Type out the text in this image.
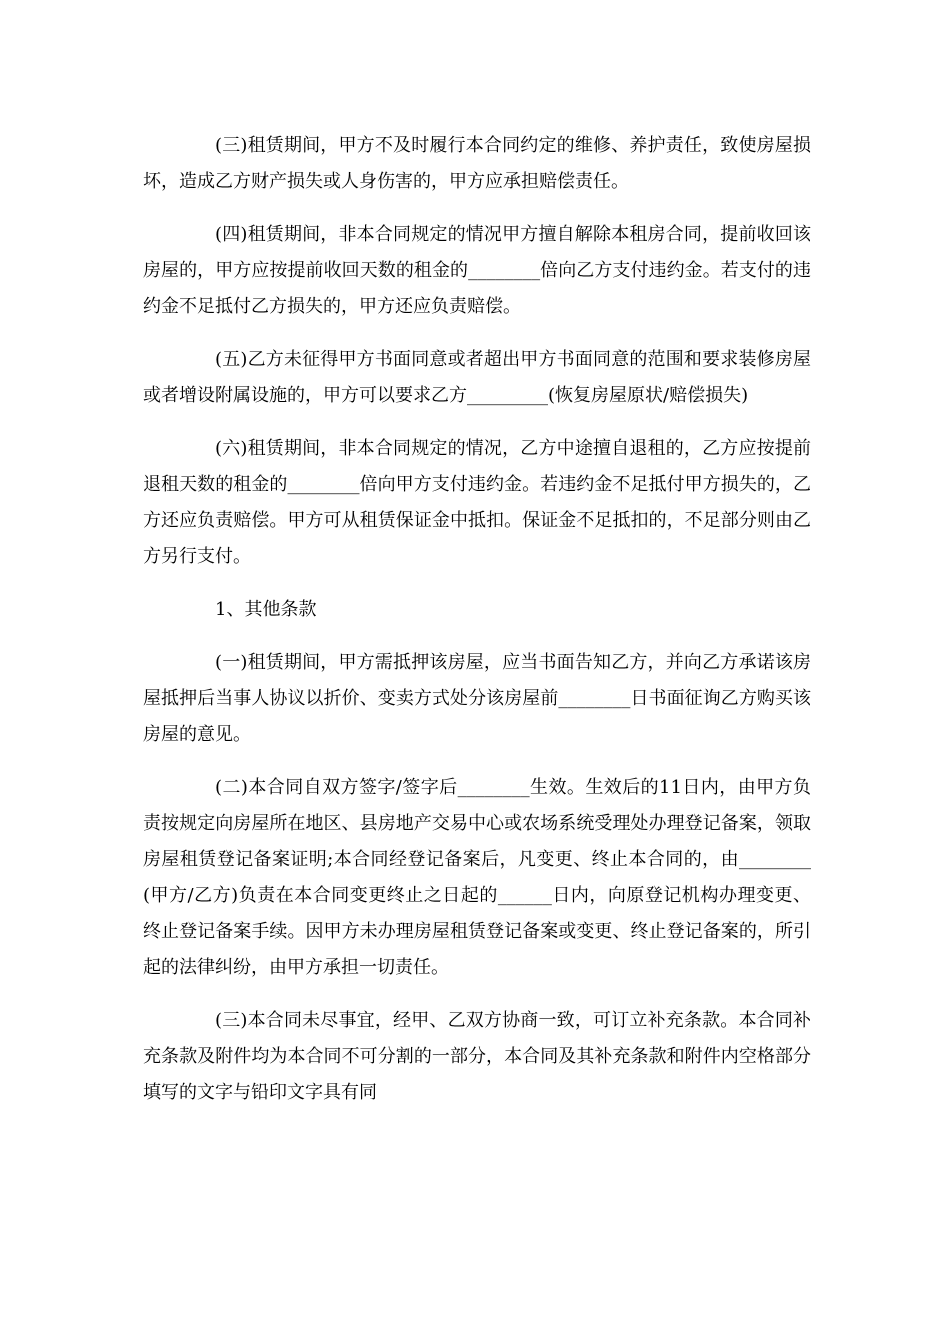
(三)租赁期间，甲方不及时履行本合同约定的维修、养护责任，致使房屋损坏，造成乙方财产损失或人身伤害的，甲方应承担赔偿责任。

(四)租赁期间，非本合同规定的情况甲方擅自解除本租房合同，提前收回该房屋的，甲方应按提前收回天数的租金的________倍向乙方支付违约金。若支付的违约金不足抵付乙方损失的，甲方还应负责赔偿。

(五)乙方未征得甲方书面同意或者超出甲方书面同意的范围和要求装修房屋或者增设附属设施的，甲方可以要求乙方_________(恢复房屋原状/赔偿损失)

(六)租赁期间，非本合同规定的情况，乙方中途擅自退租的，乙方应按提前退租天数的租金的________倍向甲方支付违约金。若违约金不足抵付甲方损失的，乙方还应负责赔偿。甲方可从租赁保证金中抵扣。保证金不足抵扣的，不足部分则由乙方另行支付。

1、其他条款

(一)租赁期间，甲方需抵押该房屋，应当书面告知乙方，并向乙方承诺该房屋抵押后当事人协议以折价、变卖方式处分该房屋前________日书面征询乙方购买该房屋的意见。

(二)本合同自双方签字/签字后________生效。生效后的11日内，由甲方负责按规定向房屋所在地区、县房地产交易中心或农场系统受理处办理登记备案，领取房屋租赁登记备案证明;本合同经登记备案后，凡变更、终止本合同的，由________(甲方/乙方)负责在本合同变更终止之日起的______日内，向原登记机构办理变更、终止登记备案手续。因甲方未办理房屋租赁登记备案或变更、终止登记备案的，所引起的法律纠纷，由甲方承担一切责任。

(三)本合同未尽事宜，经甲、乙双方协商一致，可订立补充条款。本合同补充条款及附件均为本合同不可分割的一部分，本合同及其补充条款和附件内空格部分填写的文字与铅印文字具有同
